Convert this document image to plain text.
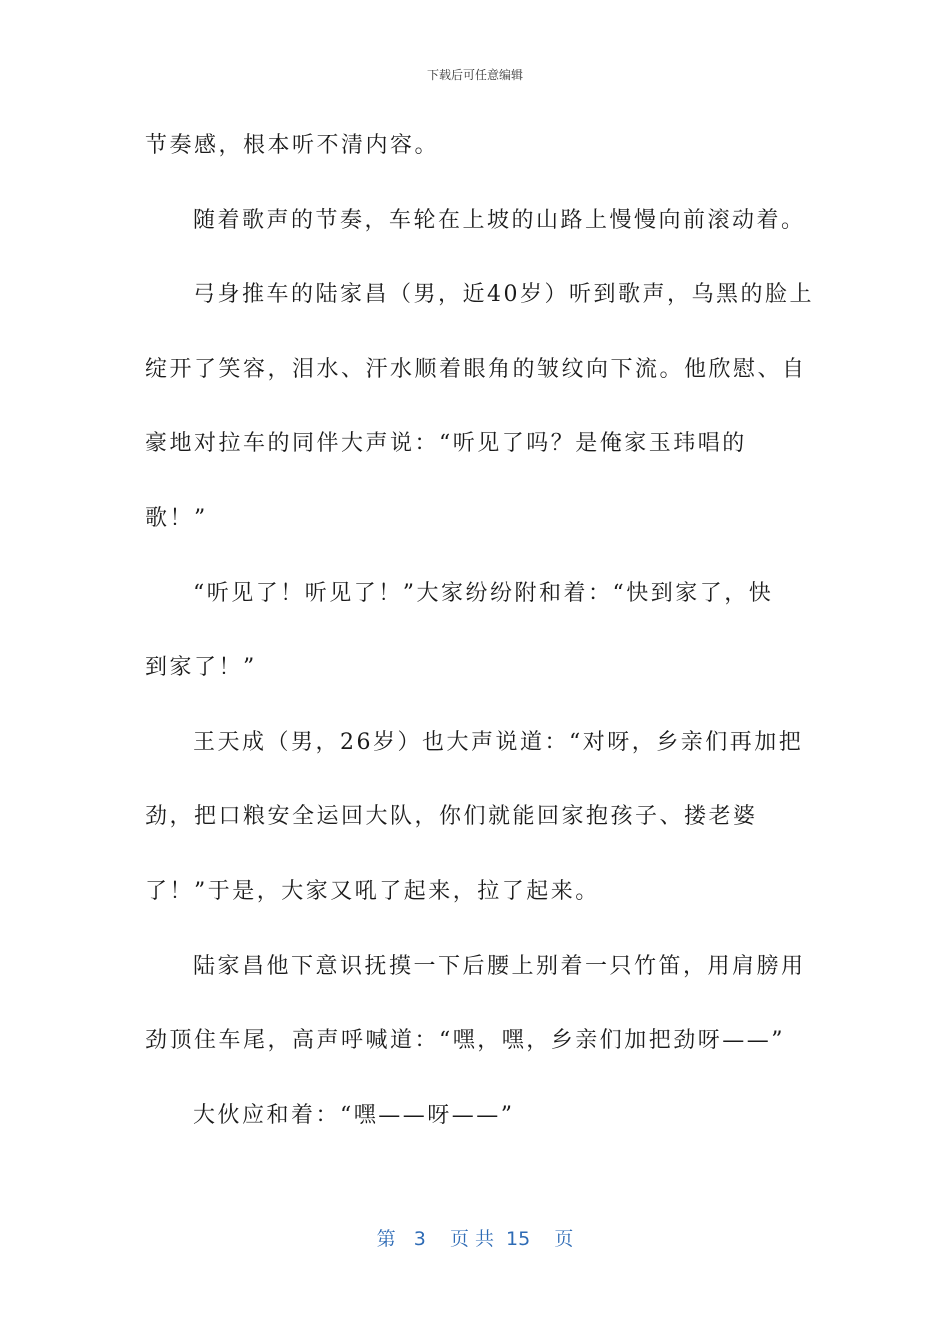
下载后可任意编辑
节奏感，根本听不清内容。
随着歌声的节奏，车轮在上坡的山路上慢慢向前滚动着。
弓身推车的陆家昌（男，近40岁）听到歌声，乌黑的脸上
绽开了笑容，泪水、汗水顺着眼角的皱纹向下流。他欣慰、自
豪地对拉车的同伴大声说：“听见了吗？是俺家玉玮唱的
歌！”
“听见了！听见了！”大家纷纷附和着：“快到家了，快
到家了！”
王天成（男，26岁）也大声说道：“对呀，乡亲们再加把
劲，把口粮安全运回大队，你们就能回家抱孩子、搂老婆
了！”于是，大家又吼了起来，拉了起来。
陆家昌他下意识抚摸一下后腰上别着一只竹笛，用肩膀用
劲顶住车尾，高声呼喊道：“嘿，嘿，乡亲们加把劲呀——”
大伙应和着：“嘿——呀——”
第   3    页 共  15    页
